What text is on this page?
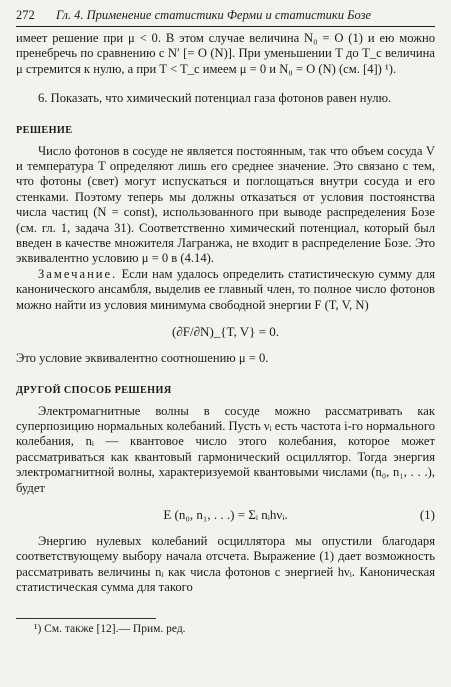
272	Гл. 4. Применение статистики Ферми и статистики Бозе

имеет решение при μ < 0. В этом случае величина N₀ = O (1) и ею можно пренебречь по сравнению с N′ [= O (N)]. При уменьшении T до T_c величина μ стремится к нулю, а при T < T_c имеем μ = 0 и N₀ = O (N) (см. [4]) ¹).

6. Показать, что химический потенциал газа фотонов равен нулю.

РЕШЕНИЕ

Число фотонов в сосуде не является постоянным, так что объем сосуда V и температура T определяют лишь его среднее значение. Это связано с тем, что фотоны (свет) могут испускаться и поглощаться внутри сосуда и его стенками. Поэтому теперь мы должны отказаться от условия постоянства числа частиц (N = const), использованного при выводе распределения Бозе (см. гл. 1, задача 31). Соответственно химический потенциал, который был введен в качестве множителя Лагранжа, не входит в распределение Бозе. Это эквивалентно условию μ = 0 в (4.14).

Замечание. Если нам удалось определить статистическую сумму для канонического ансамбля, выделив ее главный член, то полное число фотонов можно найти из условия минимума свободной энергии F (T, V, N)

(∂F/∂N)_{T, V} = 0.

Это условие эквивалентно соотношению μ = 0.

ДРУГОЙ СПОСОБ РЕШЕНИЯ

Электромагнитные волны в сосуде можно рассматривать как суперпозицию нормальных колебаний. Пусть νᵢ есть частота i-го нормального колебания, nᵢ — квантовое число этого колебания, которое может рассматриваться как квантовый гармонический осциллятор. Тогда энергия электромагнитной волны, характеризуемой квантовыми числами (n₀, n₁, . . .), будет

E (n₀, n₁, . . .) = Σᵢ nᵢhνᵢ.	(1)

Энергию нулевых колебаний осциллятора мы опустили благодаря соответствующему выбору начала отсчета. Выражение (1) дает возможность рассматривать величины nᵢ как числа фотонов с энергией hνᵢ. Каноническая статистическая сумма для такого

¹) См. также [12].— Прим. ред.
